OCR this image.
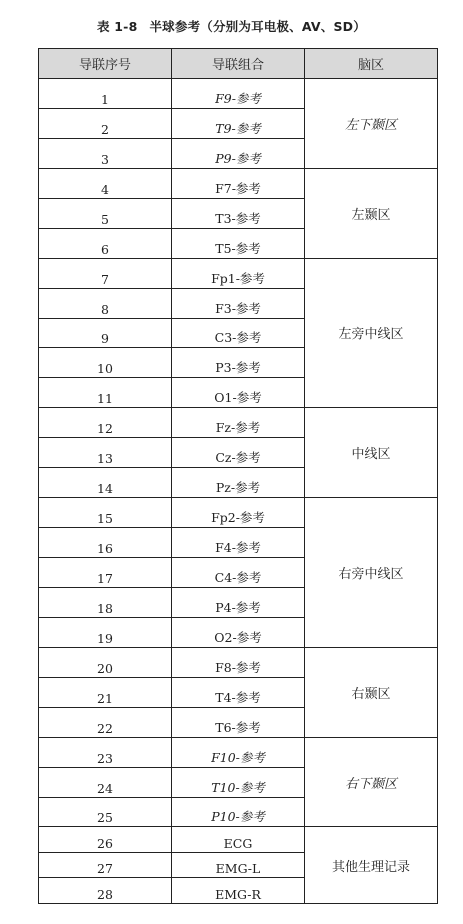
表 1-8 半球参考（分别为耳电极、AV、SD）
导联序号	导联组合	脑区
1	F9-参考	左下颞区
2	T9-参考	
3	P9-参考	
4	F7-参考	左颞区
5	T3-参考	
6	T5-参考	
7	Fp1-参考	左旁中线区
8	F3-参考	
9	C3-参考	
10	P3-参考	
11	O1-参考	
12	Fz-参考	中线区
13	Cz-参考	
14	Pz-参考	
15	Fp2-参考	右旁中线区
16	F4-参考	
17	C4-参考	
18	P4-参考	
19	O2-参考	
20	F8-参考	右颞区
21	T4-参考	
22	T6-参考	
23	F10-参考	右下颞区
24	T10-参考	
25	P10-参考	
26	ECG	其他生理记录
27	EMG-L	
28	EMG-R	
